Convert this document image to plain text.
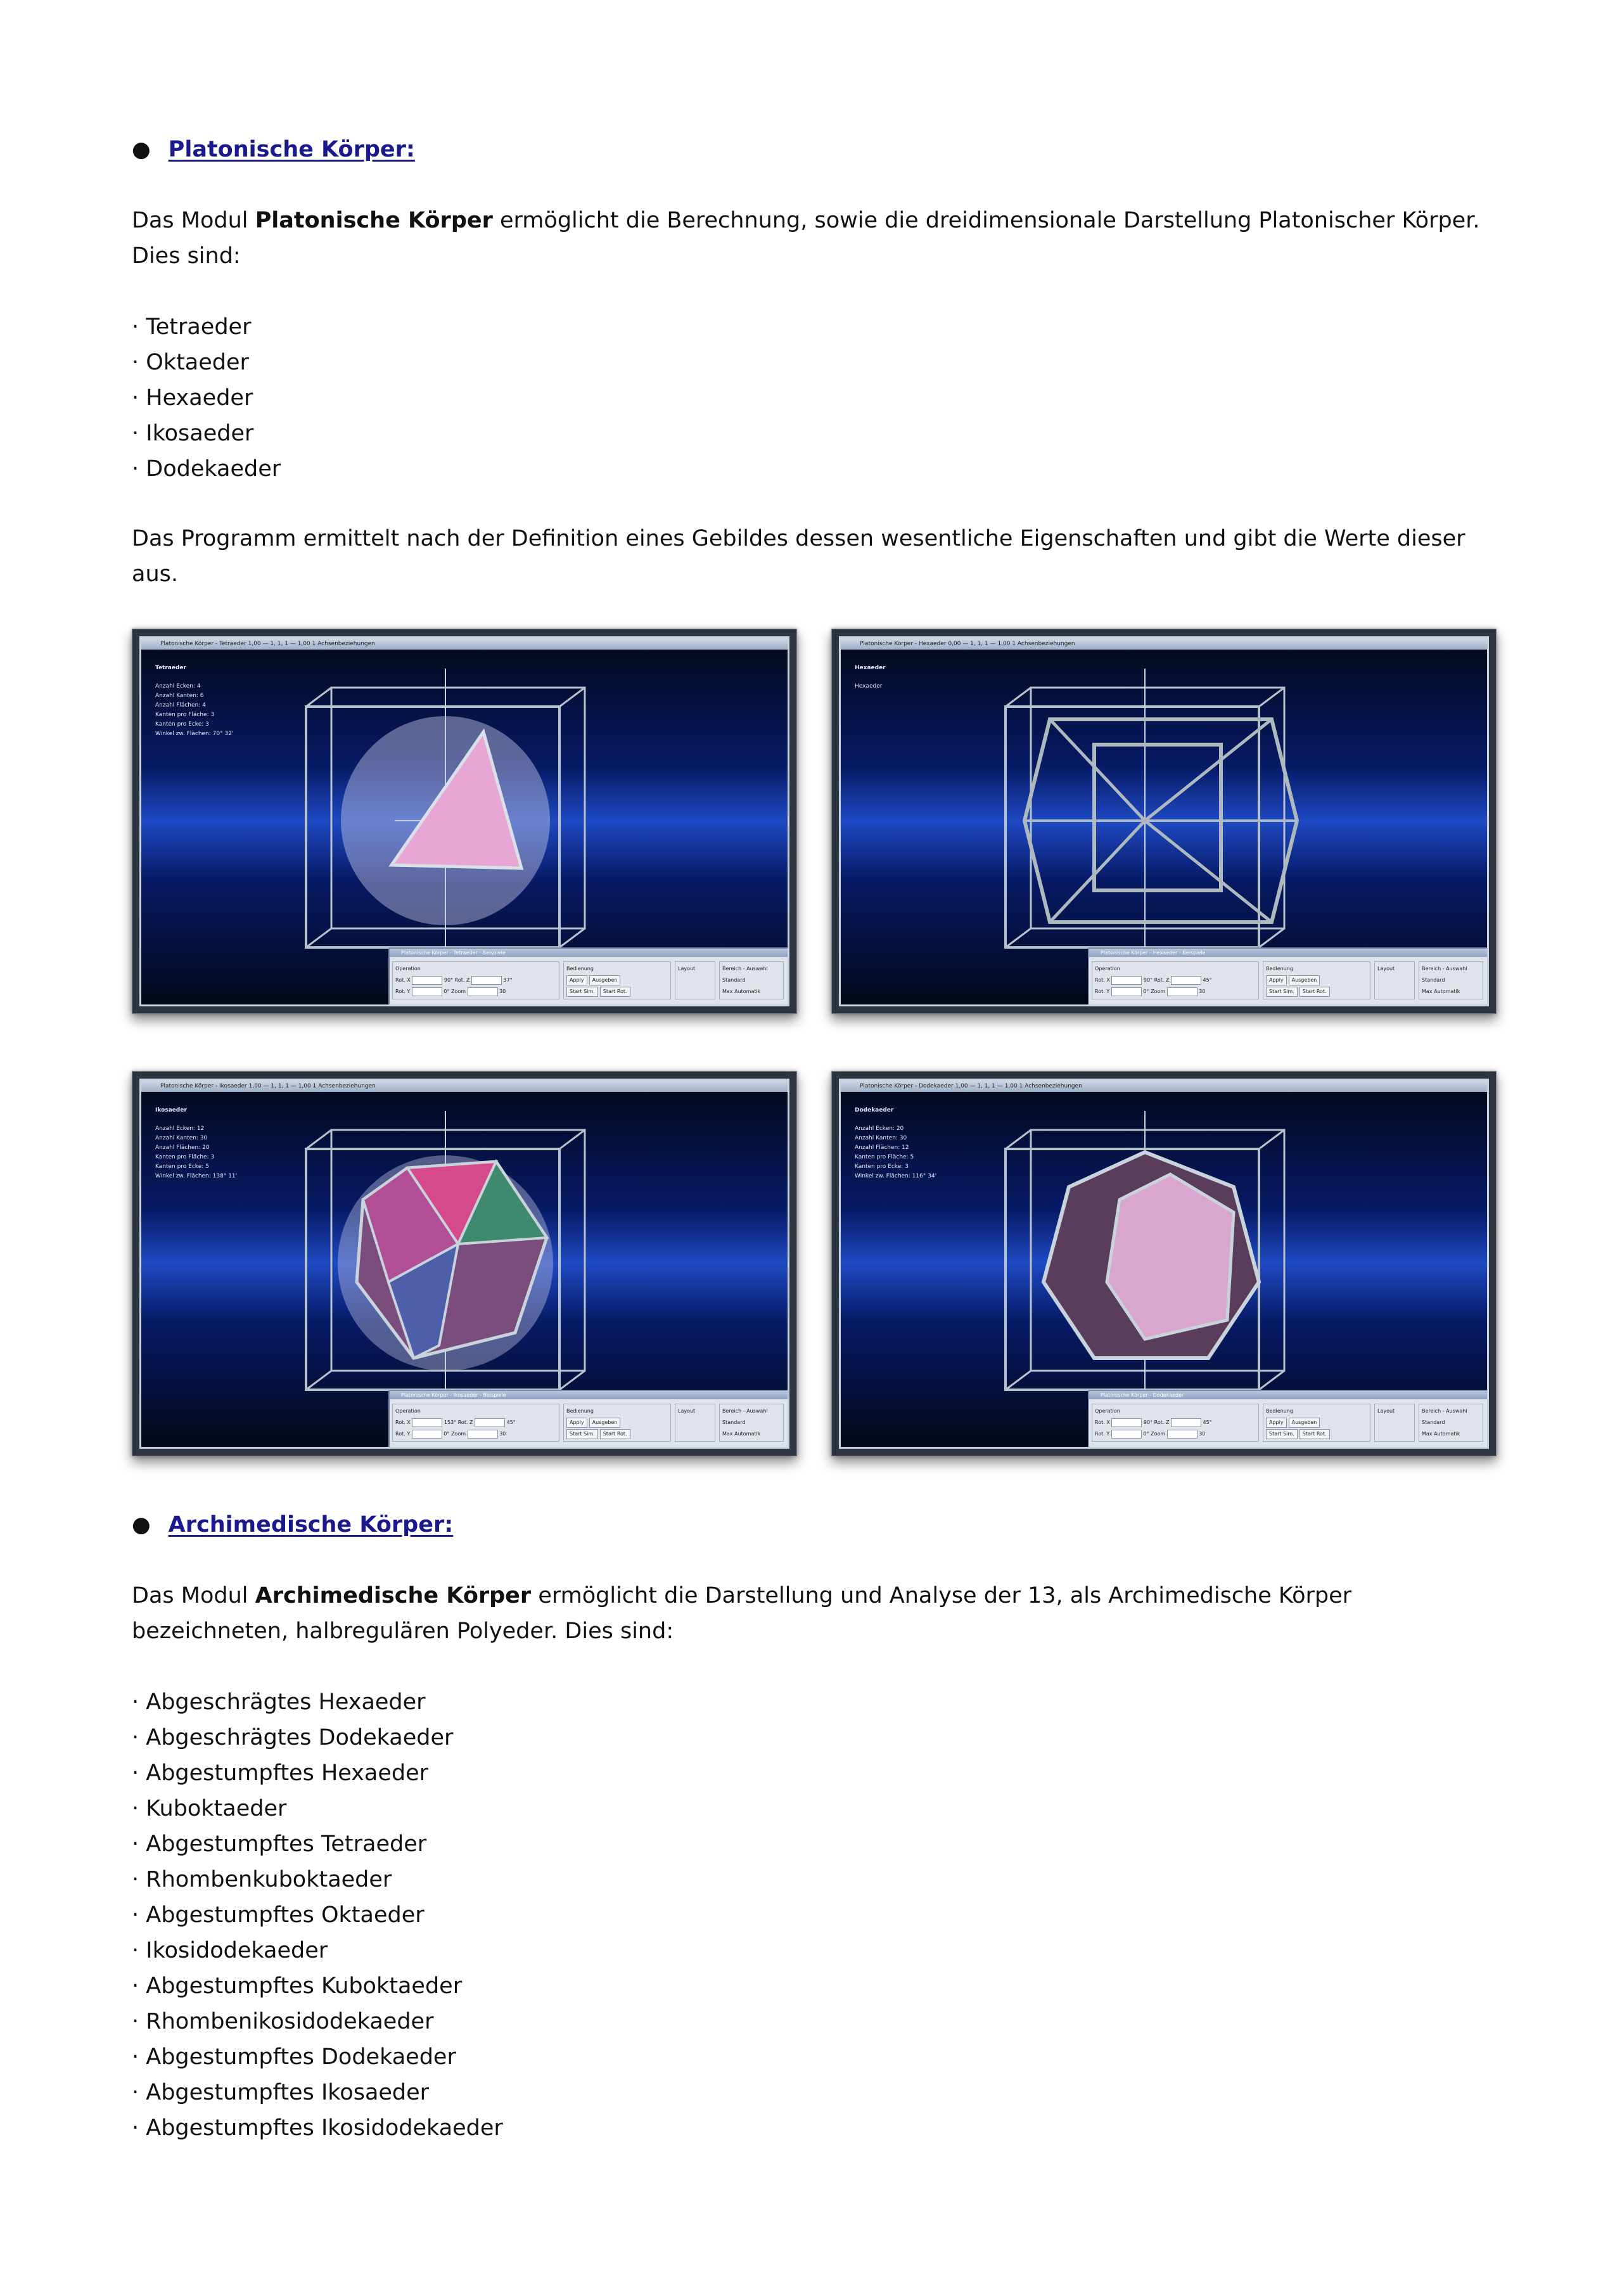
● Platonische Körper:

Das Modul Platonische Körper ermöglicht die Berechnung, sowie die dreidimensionale Darstellung Platonischer Körper. Dies sind:

· Tetraeder
· Oktaeder
· Hexaeder
· Ikosaeder
· Dodekaeder

Das Programm ermittelt nach der Definition eines Gebildes dessen wesentliche Eigenschaften und gibt die Werte dieser aus.

Platonische Körper - Tetraeder 1,00 — 1, 1, 1 — 1,00 1 Achsenbeziehungen
Tetraeder
Anzahl Ecken: 4
Anzahl Kanten: 6
Anzahl Flächen: 4
Kanten pro Fläche: 3
Kanten pro Ecke: 3
Winkel zw. Flächen: 70° 32'
Platonische Körper - Tetraeder - Beispiele
Operation
Rot. X	90° Rot. Z	37°
Rot. Y	0° Zoom	30
Bedienung
Apply Ausgeben
Start Sim. Start Rot.
Layout	Bereich - Auswahl
Standard
Max Automatik
Platonische Körper - Hexaeder 0,00 — 1, 1, 1 — 1,00 1 Achsenbeziehungen
Hexaeder
Hexaeder
Platonische Körper - Hexaeder - Beispiele
Operation
Rot. X	90° Rot. Z	45°
Rot. Y	0° Zoom	30
Bedienung
Apply Ausgeben
Start Sim. Start Rot.
Layout	Bereich - Auswahl
Standard
Max Automatik
Platonische Körper - Ikosaeder 1,00 — 1, 1, 1 — 1,00 1 Achsenbeziehungen
Ikosaeder
Anzahl Ecken: 12
Anzahl Kanten: 30
Anzahl Flächen: 20
Kanten pro Fläche: 3
Kanten pro Ecke: 5
Winkel zw. Flächen: 138° 11'
Platonische Körper - Ikosaeder - Beispiele
Operation
Rot. X	153° Rot. Z	45°
Rot. Y	0° Zoom	30
Bedienung
Apply Ausgeben
Start Sim. Start Rot.
Layout	Bereich - Auswahl
Standard
Max Automatik
Platonische Körper - Dodekaeder 1,00 — 1, 1, 1 — 1,00 1 Achsenbeziehungen
Dodekaeder
Anzahl Ecken: 20
Anzahl Kanten: 30
Anzahl Flächen: 12
Kanten pro Fläche: 5
Kanten pro Ecke: 3
Winkel zw. Flächen: 116° 34'
Platonische Körper - Dodekaeder
Operation
Rot. X	90° Rot. Z	45°
Rot. Y	0° Zoom	30
Bedienung
Apply Ausgeben
Start Sim. Start Rot.
Layout	Bereich - Auswahl
Standard
Max Automatik
● Archimedische Körper:

Das Modul Archimedische Körper ermöglicht die Darstellung und Analyse der 13, als Archimedische Körper bezeichneten, halbregulären Polyeder. Dies sind:

· Abgeschrägtes Hexaeder
· Abgeschrägtes Dodekaeder
· Abgestumpftes Hexaeder
· Kuboktaeder
· Abgestumpftes Tetraeder
· Rhombenkuboktaeder
· Abgestumpftes Oktaeder
· Ikosidodekaeder
· Abgestumpftes Kuboktaeder
· Rhombenikosidodekaeder
· Abgestumpftes Dodekaeder
· Abgestumpftes Ikosaeder
· Abgestumpftes Ikosidodekaeder
